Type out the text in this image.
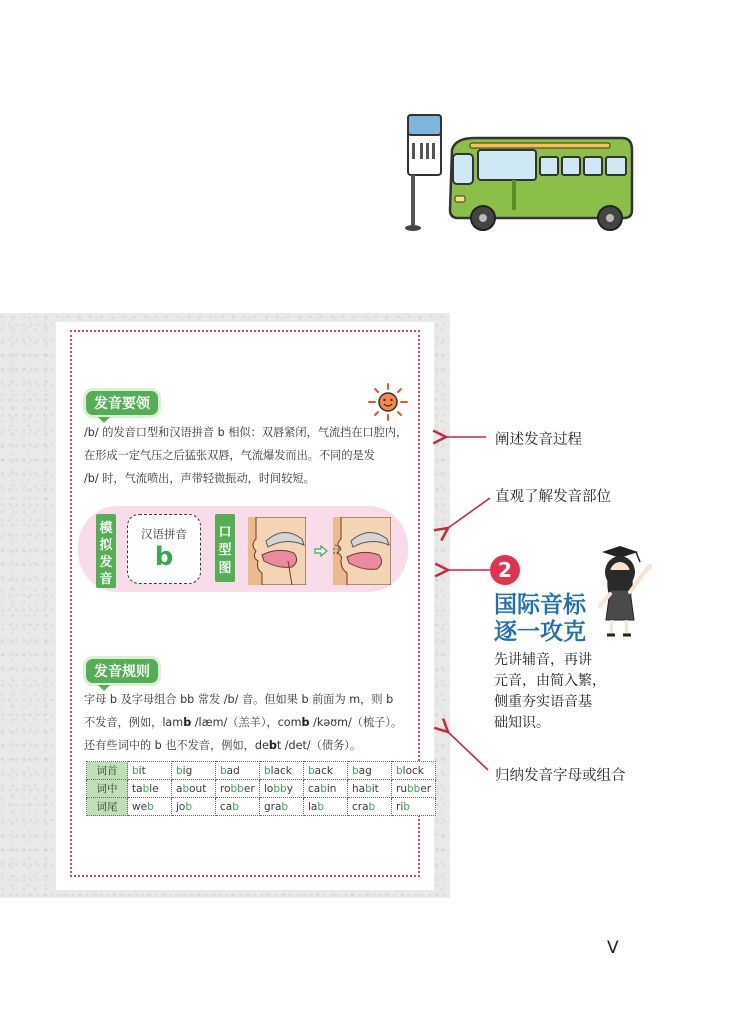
发音要领
/b/ 的发音口型和汉语拼音 b 相似：双唇紧闭，气流挡在口腔内，
在形成一定气压之后猛张双唇，气流爆发而出。不同的是发
/b/ 时，气流喷出，声带轻微振动，时间较短。
模
拟
发
音
汉语拼音
b
口
型
图
发音规则
字母 b 及字母组合 bb 常发 /b/ 音。但如果 b 前面为 m，则 b
不发音，例如，lamb /læm/（羔羊），comb /kəʊm/（梳子）。
还有些词中的 b 也不发音，例如，debt /det/（债务）。
词首	bit	big	bad	black	back	bag	block
词中	table	about	robber	lobby	cabin	habit	rubber
词尾	web	job	cab	grab	lab	crab	rib
阐述发音过程
直观了解发音部位
归纳发音字母或组合
2
国际音标
逐一攻克
先讲辅音，再讲
元音，由简入繁，
侧重夯实语音基
础知识。
V
